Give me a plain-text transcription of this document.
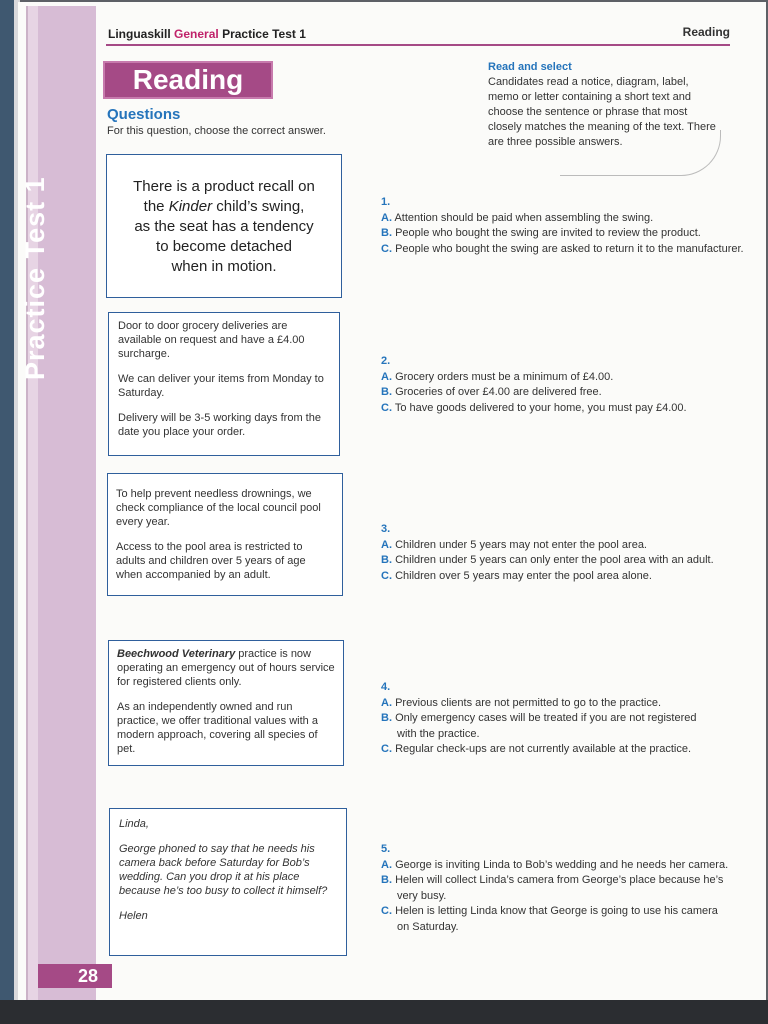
Practice Test 1
28
Linguaskill General Practice Test 1	Reading
Reading
Questions
For this question, choose the correct answer.
Read and select
Candidates read a notice, diagram, label, memo or letter containing a short text and choose the sentence or phrase that most closely matches the meaning of the text. There are three possible answers.
There is a product recall on
the Kinder child’s swing,
as the seat has a tendency
to become detached
when in motion.

Door to door grocery deliveries are available on request and have a £4.00 surcharge.

We can deliver your items from Monday to Saturday.

Delivery will be 3-5 working days from the date you place your order.

To help prevent needless drownings, we check compliance of the local council pool every year.

Access to the pool area is restricted to adults and children over 5 years of age when accompanied by an adult.

Beechwood Veterinary practice is now operating an emergency out of hours service for registered clients only.

As an independently owned and run practice, we offer traditional values with a modern approach, covering all species of pet.

Linda,

George phoned to say that he needs his camera back before Saturday for Bob’s wedding. Can you drop it at his place because he’s too busy to collect it himself?

Helen

1.
A. Attention should be paid when assembling the swing.
B. People who bought the swing are invited to review the product.
C. People who bought the swing are asked to return it to the manufacturer.
2.
A. Grocery orders must be a minimum of £4.00.
B. Groceries of over £4.00 are delivered free.
C. To have goods delivered to your home, you must pay £4.00.
3.
A. Children under 5 years may not enter the pool area.
B. Children under 5 years can only enter the pool area with an adult.
C. Children over 5 years may enter the pool area alone.
4.
A. Previous clients are not permitted to go to the practice.
B. Only emergency cases will be treated if you are not registered
with the practice.
C. Regular check-ups are not currently available at the practice.
5.
A. George is inviting Linda to Bob’s wedding and he needs her camera.
B. Helen will collect Linda’s camera from George’s place because he’s
very busy.
C. Helen is letting Linda know that George is going to use his camera
on Saturday.
